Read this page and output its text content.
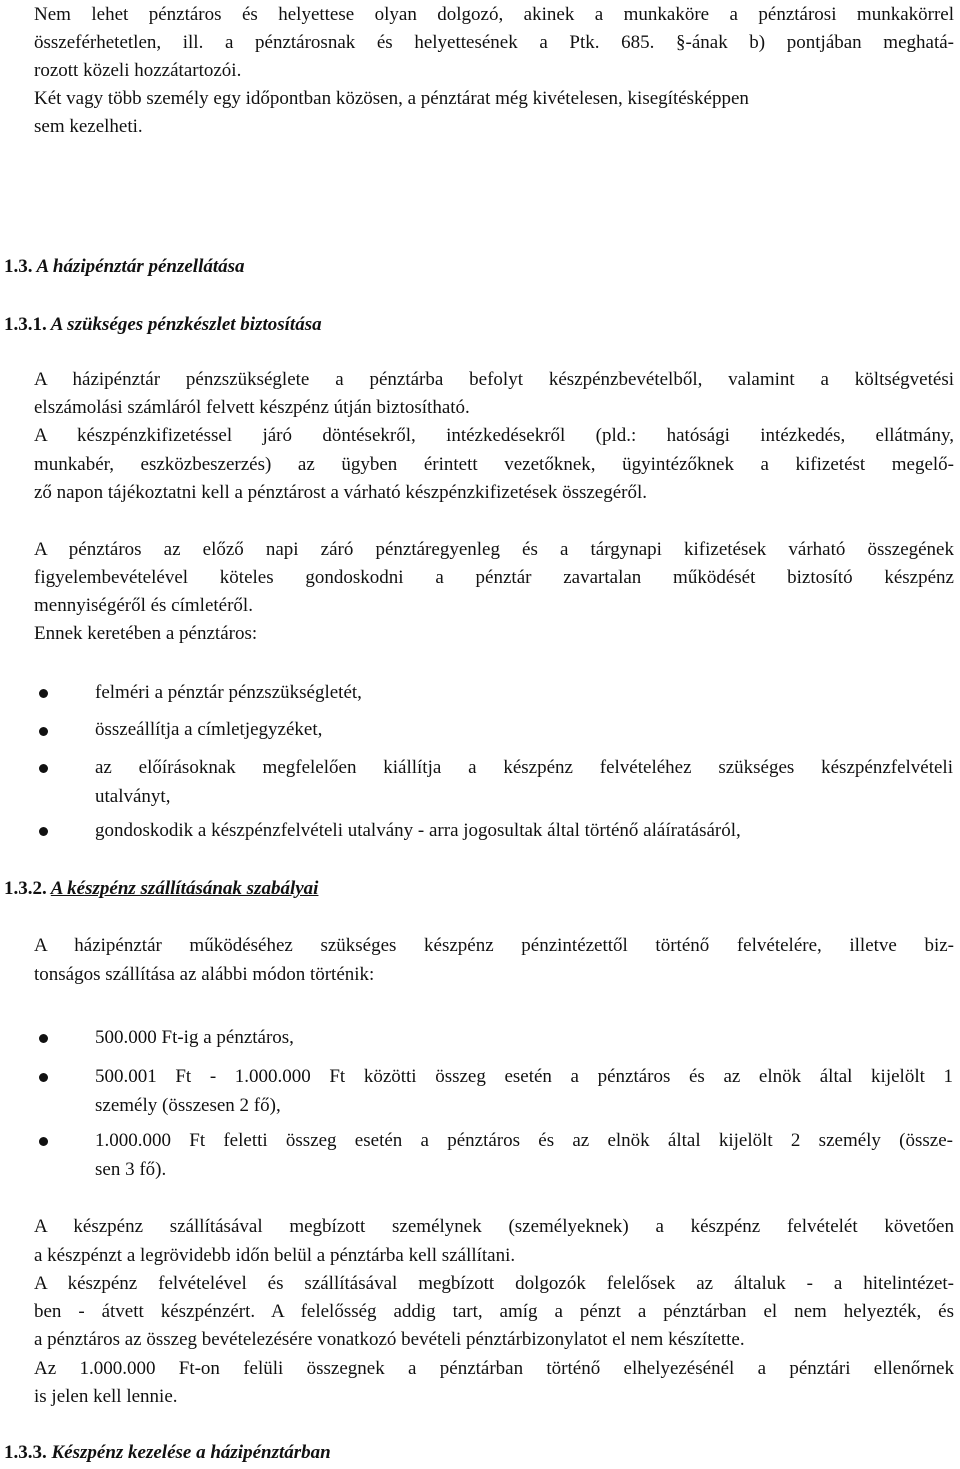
Nem lehet pénztáros és helyettese olyan dolgozó, akinek a munkaköre a pénztárosi munkakörrel
összeférhetetlen, ill. a pénztárosnak és helyettesének a Ptk. 685. §-ának b) pontjában meghatá-
rozott közeli hozzátartozói.
Két vagy több személy egy időpontban közösen, a pénztárat még kivételesen, kisegítésképpen
sem kezelheti.
1.3. A házipénztár pénzellátása
1.3.1. A szükséges pénzkészlet biztosítása
A házipénztár pénzszükséglete a pénztárba befolyt készpénzbevételből, valamint a költségvetési
elszámolási számláról felvett készpénz útján biztosítható.
A készpénzkifizetéssel járó döntésekről, intézkedésekről (pld.: hatósági intézkedés, ellátmány,
munkabér, eszközbeszerzés) az ügyben érintett vezetőknek, ügyintézőknek a kifizetést megelő-
ző napon tájékoztatni kell a pénztárost a várható készpénzkifizetések összegéről.
A pénztáros az előző napi záró pénztáregyenleg és a tárgynapi kifizetések várható összegének
figyelembevételével köteles gondoskodni a pénztár zavartalan működését biztosító készpénz
mennyiségéről és címletéről.
Ennek keretében a pénztáros:
felméri a pénztár pénzszükségletét,
összeállítja a címletjegyzéket,
az előírásoknak megfelelően kiállítja a készpénz felvételéhez szükséges készpénzfelvételi
utalványt,
gondoskodik a készpénzfelvételi utalvány - arra jogosultak által történő aláíratásáról,
1.3.2. A készpénz szállításának szabályai
A házipénztár működéséhez szükséges készpénz pénzintézettől történő felvételére, illetve biz-
tonságos szállítása az alábbi módon történik:
500.000 Ft-ig a pénztáros,
500.001 Ft - 1.000.000 Ft közötti összeg esetén a pénztáros és az elnök által kijelölt 1
személy (összesen 2 fő),
1.000.000 Ft feletti összeg esetén a pénztáros és az elnök által kijelölt 2 személy (össze-
sen 3 fő).
A készpénz szállításával megbízott személynek (személyeknek) a készpénz felvételét követően
a készpénzt a legrövidebb időn belül a pénztárba kell szállítani.
A készpénz felvételével és szállításával megbízott dolgozók felelősek az általuk - a hitelintézet-
ben - átvett készpénzért. A felelősség addig tart, amíg a pénzt a pénztárban el nem helyezték, és
a pénztáros az összeg bevételezésére vonatkozó bevételi pénztárbizonylatot el nem készítette.
Az 1.000.000 Ft-on felüli összegnek a pénztárban történő elhelyezésénél a pénztári ellenőrnek
is jelen kell lennie.
1.3.3. Készpénz kezelése a házipénztárban
